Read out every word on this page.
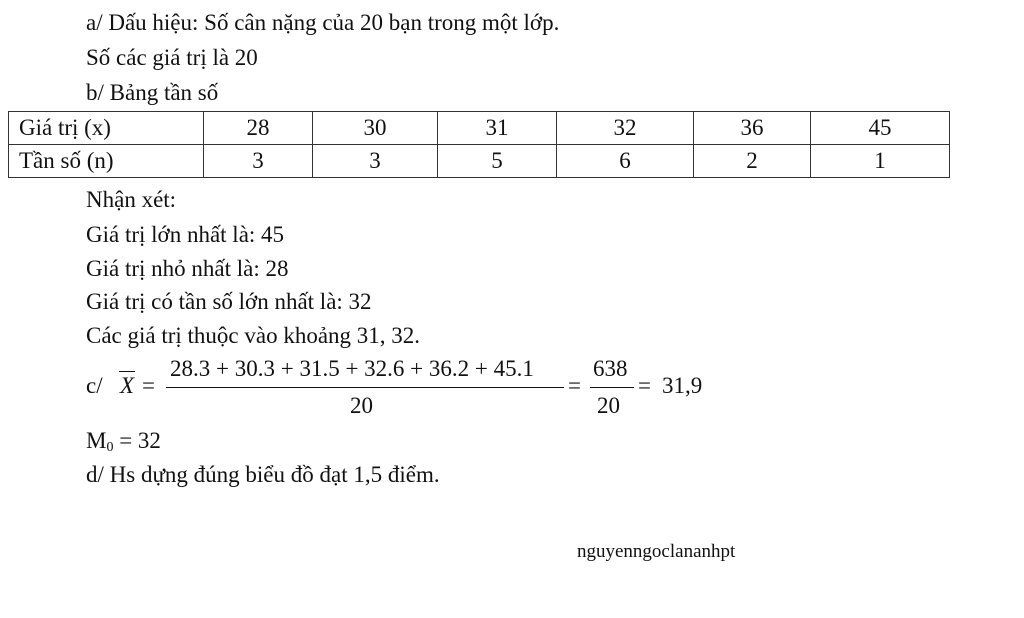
a/ Dấu hiệu: Số cân nặng của 20 bạn trong một lớp.
Số các giá trị là 20
b/ Bảng tần số
Giá trị (x)	28	30	31	32	36	45
Tần số (n)	3	3	5	6	2	1
Nhận xét:
Giá trị lớn nhất là: 45
Giá trị nhỏ nhất là: 28
Giá trị có tần số lớn nhất là: 32
Các giá trị thuộc vào khoảng 31, 32.
c/ X =
28.3 + 30.3 + 31.5 + 32.6 + 36.2 + 45.1
20
=
638
20
= 31,9
$M_0 = 32$
d/ Hs dựng đúng biểu đồ đạt 1,5 điểm.
nguyenngoclananhpt
